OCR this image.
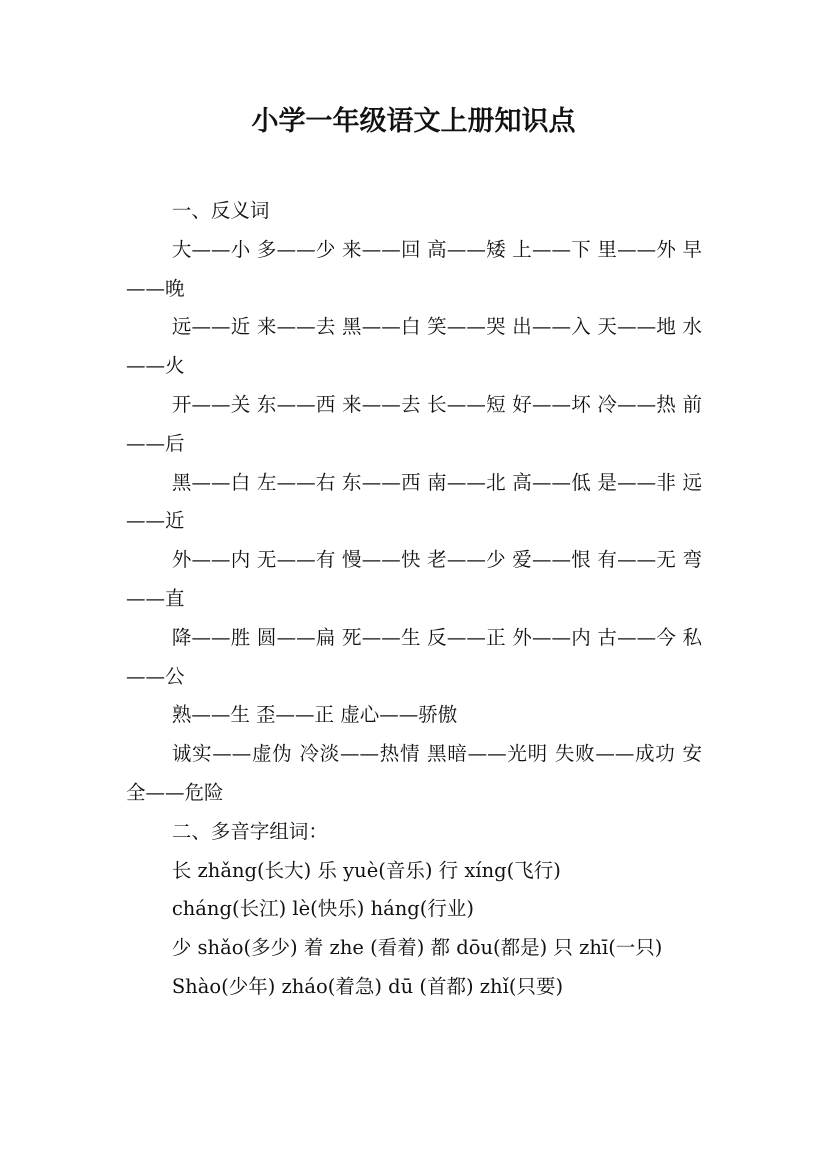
小学一年级语文上册知识点

一、反义词

大——小 多——少 来——回 高——矮 上——下 里——外 早——晚

远——近 来——去 黑——白 笑——哭 出——入 天——地 水——火

开——关 东——西 来——去 长——短 好——坏 冷——热 前——后

黑——白 左——右 东——西 南——北 高——低 是——非 远——近

外——内 无——有 慢——快 老——少 爱——恨 有——无 弯——直

降——胜 圆——扁 死——生 反——正 外——内 古——今 私——公

熟——生 歪——正 虚心——骄傲

诚实——虚伪 冷淡——热情 黑暗——光明 失败——成功 安全——危险

二、多音字组词：

长 zhǎng(长大) 乐 yuè(音乐) 行 xíng(飞行)

cháng(长江) lè(快乐) háng(行业)

少 shǎo(多少) 着 zhe (看着) 都 dōu(都是) 只 zhī(一只)

Shào(少年) zháo(着急) dū (首都) zhǐ(只要)
